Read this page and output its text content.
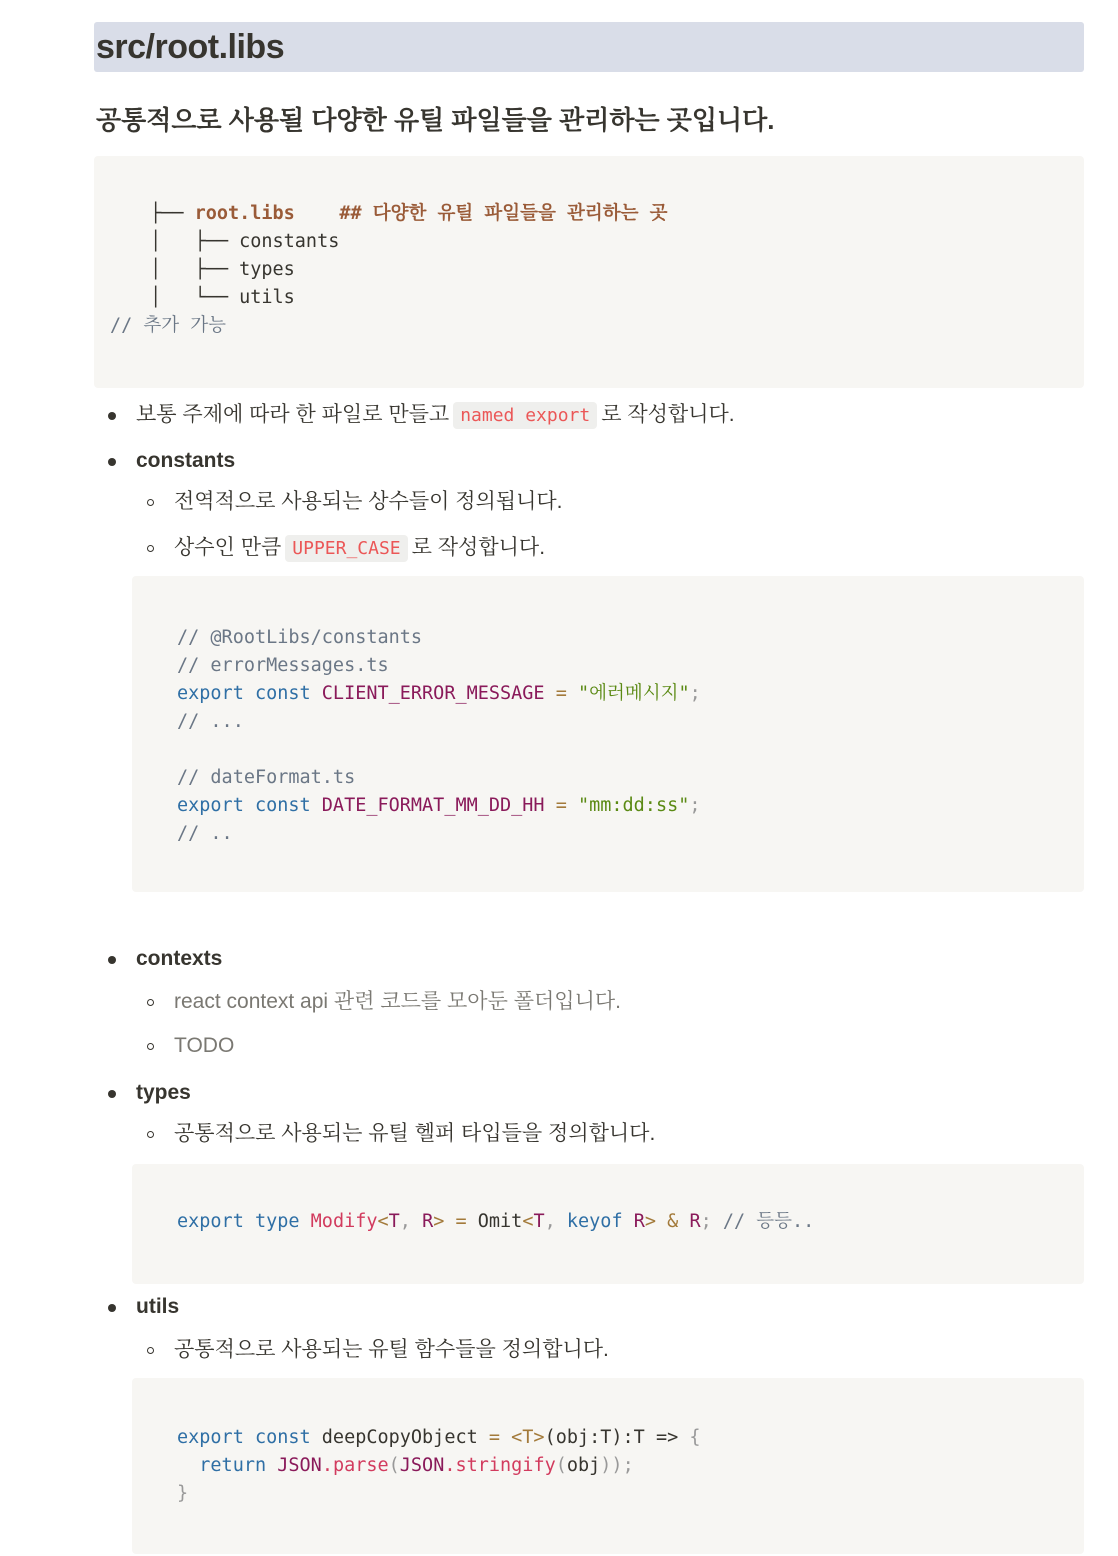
src/root.libs
공통적으로 사용될 다양한 유틸 파일들을 관리하는 곳입니다.
├── root.libs ## 다양한 유틸 파일들을 관리하는 곳
│   ├── constants
│   ├── types
│   └── utils
// 추가 가능
보통 주제에 따라 한 파일로 만들고 named export 로 작성합니다.
constants
전역적으로 사용되는 상수들이 정의됩니다.
상수인 만큼 UPPER_CASE 로 작성합니다.
// @RootLibs/constants
// errorMessages.ts
export const CLIENT_ERROR_MESSAGE = "에러메시지";
// ...

// dateFormat.ts
export const DATE_FORMAT_MM_DD_HH = "mm:dd:ss";
// ..
contexts
react context api 관련 코드를 모아둔 폴더입니다.
TODO
types
공통적으로 사용되는 유틸 헬퍼 타입들을 정의합니다.
export type Modify<T, R> = Omit<T, keyof R> & R; // 등등..
utils
공통적으로 사용되는 유틸 함수들을 정의합니다.
export const deepCopyObject = <T>(obj:T):T => {
return JSON.parse(JSON.stringify(obj));
}
